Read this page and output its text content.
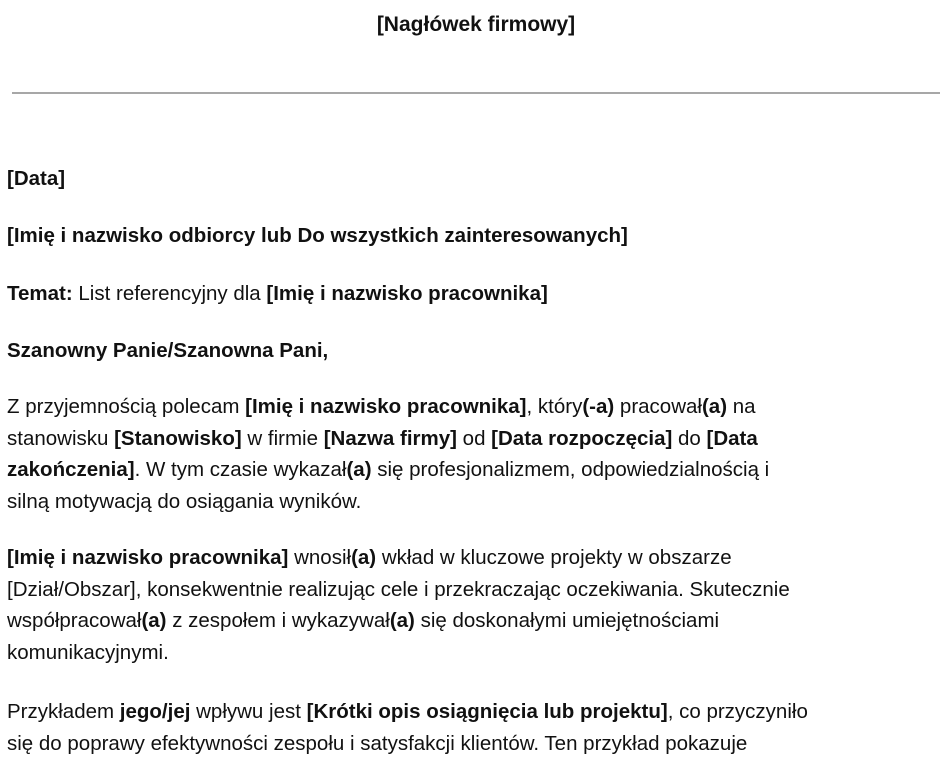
[Nagłówek firmowy]
[Data]
[Imię i nazwisko odbiorcy lub Do wszystkich zainteresowanych]
Temat: List referencyjny dla [Imię i nazwisko pracownika]
Szanowny Panie/Szanowna Pani,
Z przyjemnością polecam [Imię i nazwisko pracownika], który(-a) pracował(a) na
stanowisku [Stanowisko] w firmie [Nazwa firmy] od [Data rozpoczęcia] do [Data
zakończenia]. W tym czasie wykazał(a) się profesjonalizmem, odpowiedzialnością i
silną motywacją do osiągania wyników.
[Imię i nazwisko pracownika] wnosił(a) wkład w kluczowe projekty w obszarze
[Dział/Obszar], konsekwentnie realizując cele i przekraczając oczekiwania. Skutecznie
współpracował(a) z zespołem i wykazywał(a) się doskonałymi umiejętnościami
komunikacyjnymi.
Przykładem jego/jej wpływu jest [Krótki opis osiągnięcia lub projektu], co przyczyniło
się do poprawy efektywności zespołu i satysfakcji klientów. Ten przykład pokazuje
